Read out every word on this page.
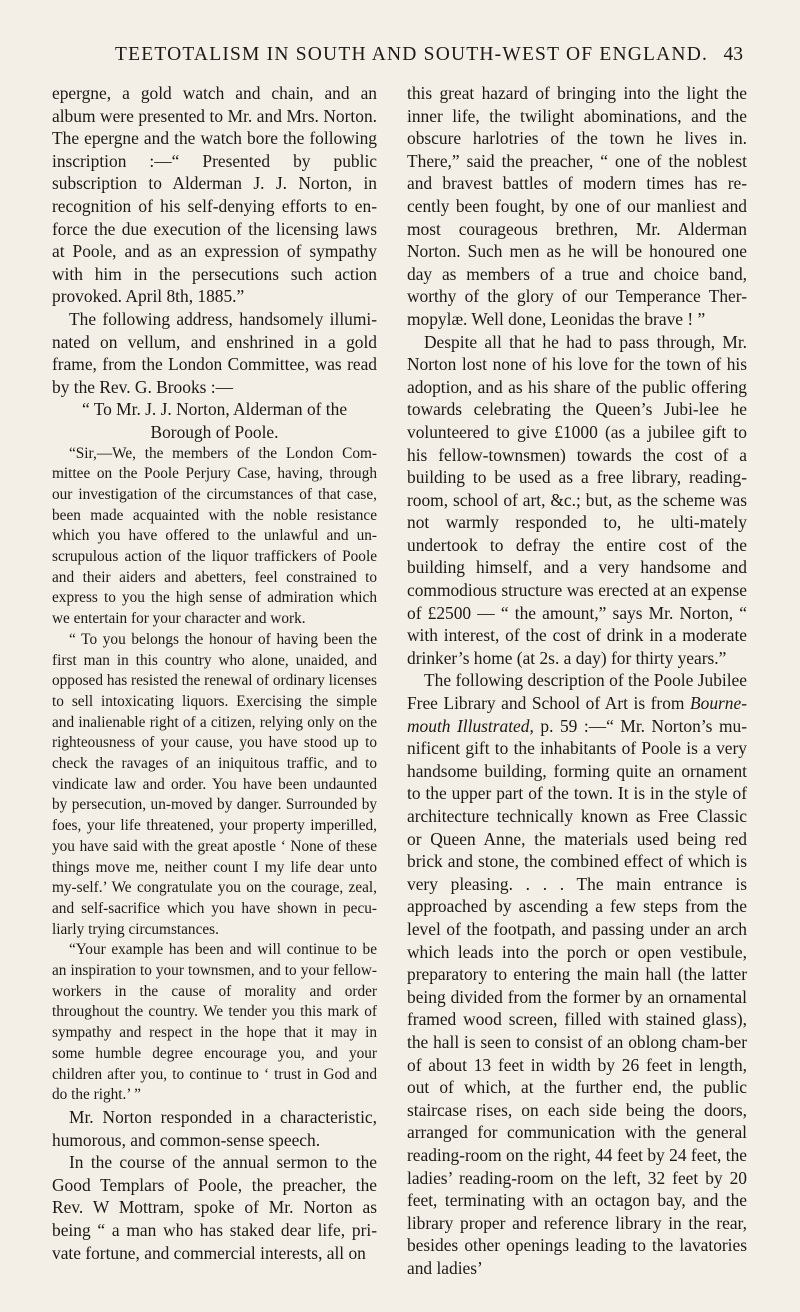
TEETOTALISM IN SOUTH AND SOUTH-WEST OF ENGLAND. 43

epergne, a gold watch and chain, and an album were presented to Mr. and Mrs. Norton. The epergne and the watch bore the following inscription :—“ Presented by public subscription to Alderman J. J. Norton, in recognition of his self-denying efforts to en-force the due execution of the licensing laws at Poole, and as an expression of sympathy with him in the persecutions such action provoked. April 8th, 1885.”

The following address, handsomely illumi-nated on vellum, and enshrined in a gold frame, from the London Committee, was read by the Rev. G. Brooks :—

“ To Mr. J. J. Norton, Alderman of the Borough of Poole.

“Sir,—We, the members of the London Com-mittee on the Poole Perjury Case, having, through our investigation of the circumstances of that case, been made acquainted with the noble resistance which you have offered to the unlawful and un-scrupulous action of the liquor traffickers of Poole and their aiders and abetters, feel constrained to express to you the high sense of admiration which we entertain for your character and work.

“ To you belongs the honour of having been the first man in this country who alone, unaided, and opposed has resisted the renewal of ordinary licenses to sell intoxicating liquors. Exercising the simple and inalienable right of a citizen, relying only on the righteousness of your cause, you have stood up to check the ravages of an iniquitous traffic, and to vindicate law and order. You have been undaunted by persecution, un-moved by danger. Surrounded by foes, your life threatened, your property imperilled, you have said with the great apostle ‘ None of these things move me, neither count I my life dear unto my-self.’ We congratulate you on the courage, zeal, and self-sacrifice which you have shown in pecu-liarly trying circumstances.

“Your example has been and will continue to be an inspiration to your townsmen, and to your fellow-workers in the cause of morality and order throughout the country. We tender you this mark of sympathy and respect in the hope that it may in some humble degree encourage you, and your children after you, to continue to ‘ trust in God and do the right.’ ”

Mr. Norton responded in a characteristic, humorous, and common-sense speech.

In the course of the annual sermon to the Good Templars of Poole, the preacher, the Rev. W Mottram, spoke of Mr. Norton as being “ a man who has staked dear life, pri-vate fortune, and commercial interests, all on

this great hazard of bringing into the light the inner life, the twilight abominations, and the obscure harlotries of the town he lives in. There,” said the preacher, “ one of the noblest and bravest battles of modern times has re-cently been fought, by one of our manliest and most courageous brethren, Mr. Alderman Norton. Such men as he will be honoured one day as members of a true and choice band, worthy of the glory of our Temperance Ther-mopylæ. Well done, Leonidas the brave ! ”

Despite all that he had to pass through, Mr. Norton lost none of his love for the town of his adoption, and as his share of the public offering towards celebrating the Queen’s Jubi-lee he volunteered to give £1000 (as a jubilee gift to his fellow-townsmen) towards the cost of a building to be used as a free library, reading-room, school of art, &c.; but, as the scheme was not warmly responded to, he ulti-mately undertook to defray the entire cost of the building himself, and a very handsome and commodious structure was erected at an expense of £2500 — “ the amount,” says Mr. Norton, “ with interest, of the cost of drink in a moderate drinker’s home (at 2s. a day) for thirty years.”

The following description of the Poole Jubilee Free Library and School of Art is from Bourne-mouth Illustrated, p. 59 :—“ Mr. Norton’s mu-nificent gift to the inhabitants of Poole is a very handsome building, forming quite an ornament to the upper part of the town. It is in the style of architecture technically known as Free Classic or Queen Anne, the materials used being red brick and stone, the combined effect of which is very pleasing. . . . The main entrance is approached by ascending a few steps from the level of the footpath, and passing under an arch which leads into the porch or open vestibule, preparatory to entering the main hall (the latter being divided from the former by an ornamental framed wood screen, filled with stained glass), the hall is seen to consist of an oblong cham-ber of about 13 feet in width by 26 feet in length, out of which, at the further end, the public staircase rises, on each side being the doors, arranged for communication with the general reading-room on the right, 44 feet by 24 feet, the ladies’ reading-room on the left, 32 feet by 20 feet, terminating with an octagon bay, and the library proper and reference library in the rear, besides other openings leading to the lavatories and ladies’
